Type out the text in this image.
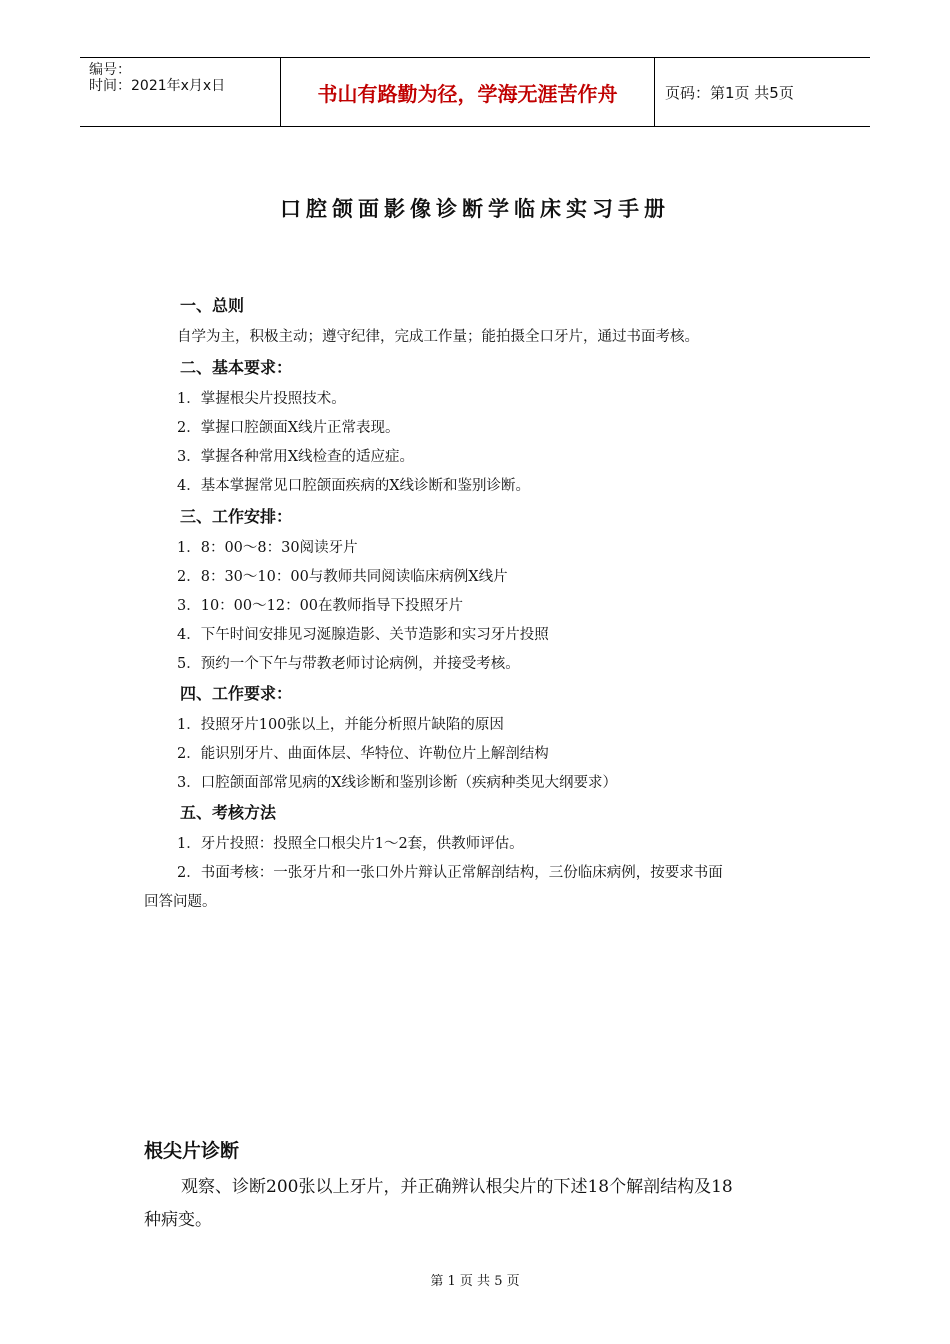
编号：
时间：2021年x月x日	书山有路勤为径，学海无涯苦作舟	页码：第1页 共5页
口腔颌面影像诊断学临床实习手册
一、总则
自学为主，积极主动；遵守纪律，完成工作量；能拍摄全口牙片，通过书面考核。
二、基本要求：
1．掌握根尖片投照技术。
2．掌握口腔颌面X线片正常表现。
3．掌握各种常用X线检查的适应症。
4．基本掌握常见口腔颌面疾病的X线诊断和鉴别诊断。
三、工作安排：
1．8：00～8：30阅读牙片
2．8：30～10：00与教师共同阅读临床病例X线片
3．10：00～12：00在教师指导下投照牙片
4．下午时间安排见习涎腺造影、关节造影和实习牙片投照
5．预约一个下午与带教老师讨论病例，并接受考核。
四、工作要求：
1．投照牙片100张以上，并能分析照片缺陷的原因
2．能识别牙片、曲面体层、华特位、许勒位片上解剖结构
3．口腔颌面部常见病的X线诊断和鉴别诊断（疾病种类见大纲要求）
五、考核方法
1．牙片投照：投照全口根尖片1～2套，供教师评估。
2．书面考核：一张牙片和一张口外片辩认正常解剖结构，三份临床病例，按要求书面
回答问题。
根尖片诊断
观察、诊断200张以上牙片，并正确辨认根尖片的下述18个解剖结构及18
种病变。
第 1 页 共 5 页
